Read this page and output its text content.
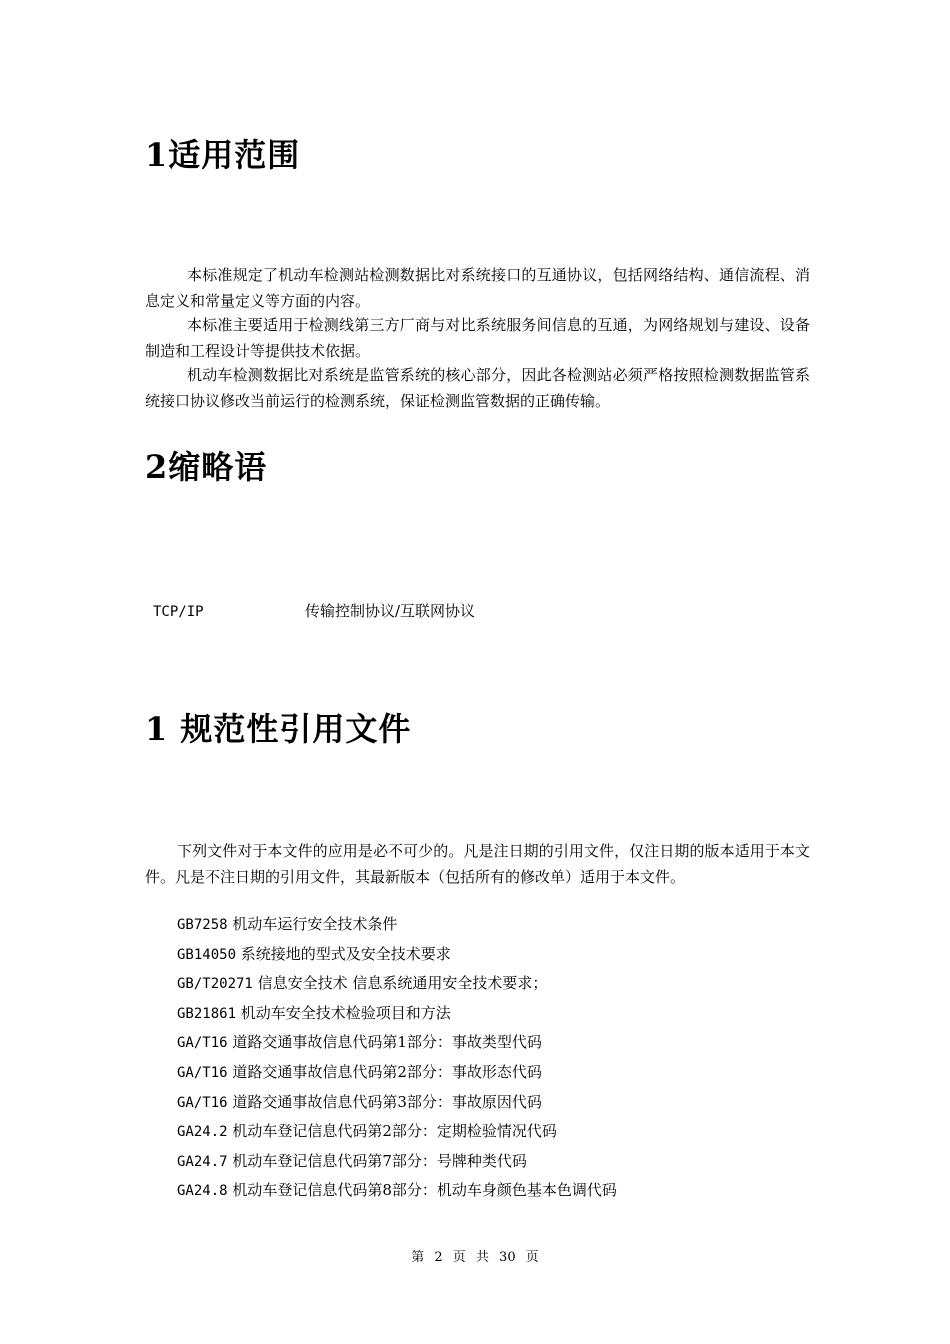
1适用范围

本标准规定了机动车检测站检测数据比对系统接口的互通协议，包括网络结构、通信流程、消息定义和常量定义等方面的内容。

本标准主要适用于检测线第三方厂商与对比系统服务间信息的互通，为网络规划与建设、设备制造和工程设计等提供技术依据。

机动车检测数据比对系统是监管系统的核心部分，因此各检测站必须严格按照检测数据监管系统接口协议修改当前运行的检测系统，保证检测监管数据的正确传输。

2缩略语
TCP/IP	传输控制协议/互联网协议
1 规范性引用文件

下列文件对于本文件的应用是必不可少的。凡是注日期的引用文件，仅注日期的版本适用于本文件。凡是不注日期的引用文件，其最新版本（包括所有的修改单）适用于本文件。

GB7258 机动车运行安全技术条件
GB14050 系统接地的型式及安全技术要求
GB/T20271 信息安全技术 信息系统通用安全技术要求；
GB21861 机动车安全技术检验项目和方法
GA/T16 道路交通事故信息代码第1部分：事故类型代码
GA/T16 道路交通事故信息代码第2部分：事故形态代码
GA/T16 道路交通事故信息代码第3部分：事故原因代码
GA24.2 机动车登记信息代码第2部分：定期检验情况代码
GA24.7 机动车登记信息代码第7部分：号牌种类代码
GA24.8 机动车登记信息代码第8部分：机动车身颜色基本色调代码
第 2 页 共 30 页
